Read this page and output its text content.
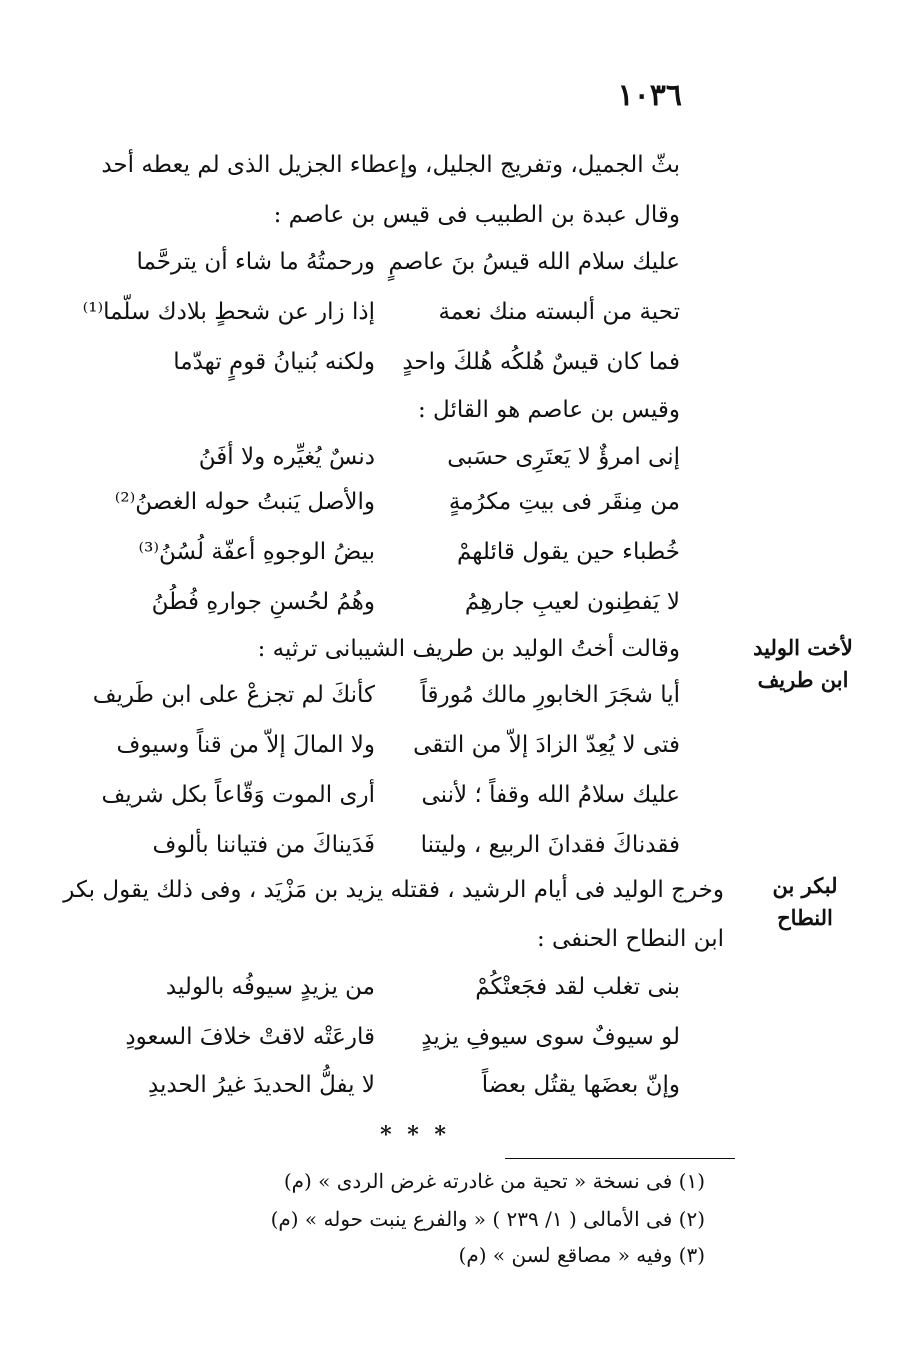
١٠٣٦
بثّ الجميل، وتفريج الجليل، وإعطاء الجزيل الذى لم يعطه أحد
وقال عبدة بن الطبيب فى قيس بن عاصم :
عليك سلام الله قيسُ بنَ عاصمٍ
ورحمتُهُ ما شاء أن يترحَّما
تحية من ألبسته منك نعمة
إذا زار عن شحطٍ بلادك سلّما⁽¹⁾
فما كان قيسٌ هُلكُه هُلكَ واحدٍ
ولكنه بُنيانُ قومٍ تهدّما
وقيس بن عاصم هو القائل :
إنى امرؤٌ لا يَعتَرِى حسَبى
دنسٌ يُغيِّره ولا أفَنُ
من مِنقَر فى بيتِ مكرُمةٍ
والأصل يَنبتُ حوله الغصنُ⁽²⁾
خُطباء حين يقول قائلهمْ
بيضُ الوجوهِ أعفّة لُسُنُ⁽³⁾
لا يَفطِنون لعيبِ جارهِمُ
وهُمُ لحُسنِ جوارهِ فُطُنُ
وقالت أختُ الوليد بن طريف الشيبانى ترثيه :	لأخت الوليد
ابن طريف
أيا شجَرَ الخابورِ مالك مُورقاً
كأنكَ لم تجزعْ على ابن طَريف
فتى لا يُعِدّ الزادَ إلاّ من التقى
ولا المالَ إلاّ من قناً وسيوف
عليك سلامُ الله وقفاً ؛ لأننى
أرى الموت وَقّاعاً بكل شريف
فقدناكَ فقدانَ الربيع ، وليتنا
فَدَيناكَ من فتياننا بألوف
وخرج الوليد فى أيام الرشيد ، فقتله يزيد بن مَزْيَد ، وفى ذلك يقول بكر
ابن النطاح الحنفى :
لبكر بن
النطاح
بنى تغلب لقد فجَعتْكُمْ
من يزيدٍ سيوفُه بالوليد
لو سيوفٌ سوى سيوفِ يزيدٍ
قارعَتْه لاقتْ خلافَ السعودِ
وإنّ بعضَها يقتُل بعضاً
لا يفلُّ الحديدَ غيرُ الحديدِ
* * *
(١) فى نسخة « تحية من غادرته غرض الردى » (م)
(٢) فى الأمالى ( ١/ ٢٣٩ ) « والفرع ينبت حوله » (م)
(٣) وفيه « مصاقع لسن » (م)
